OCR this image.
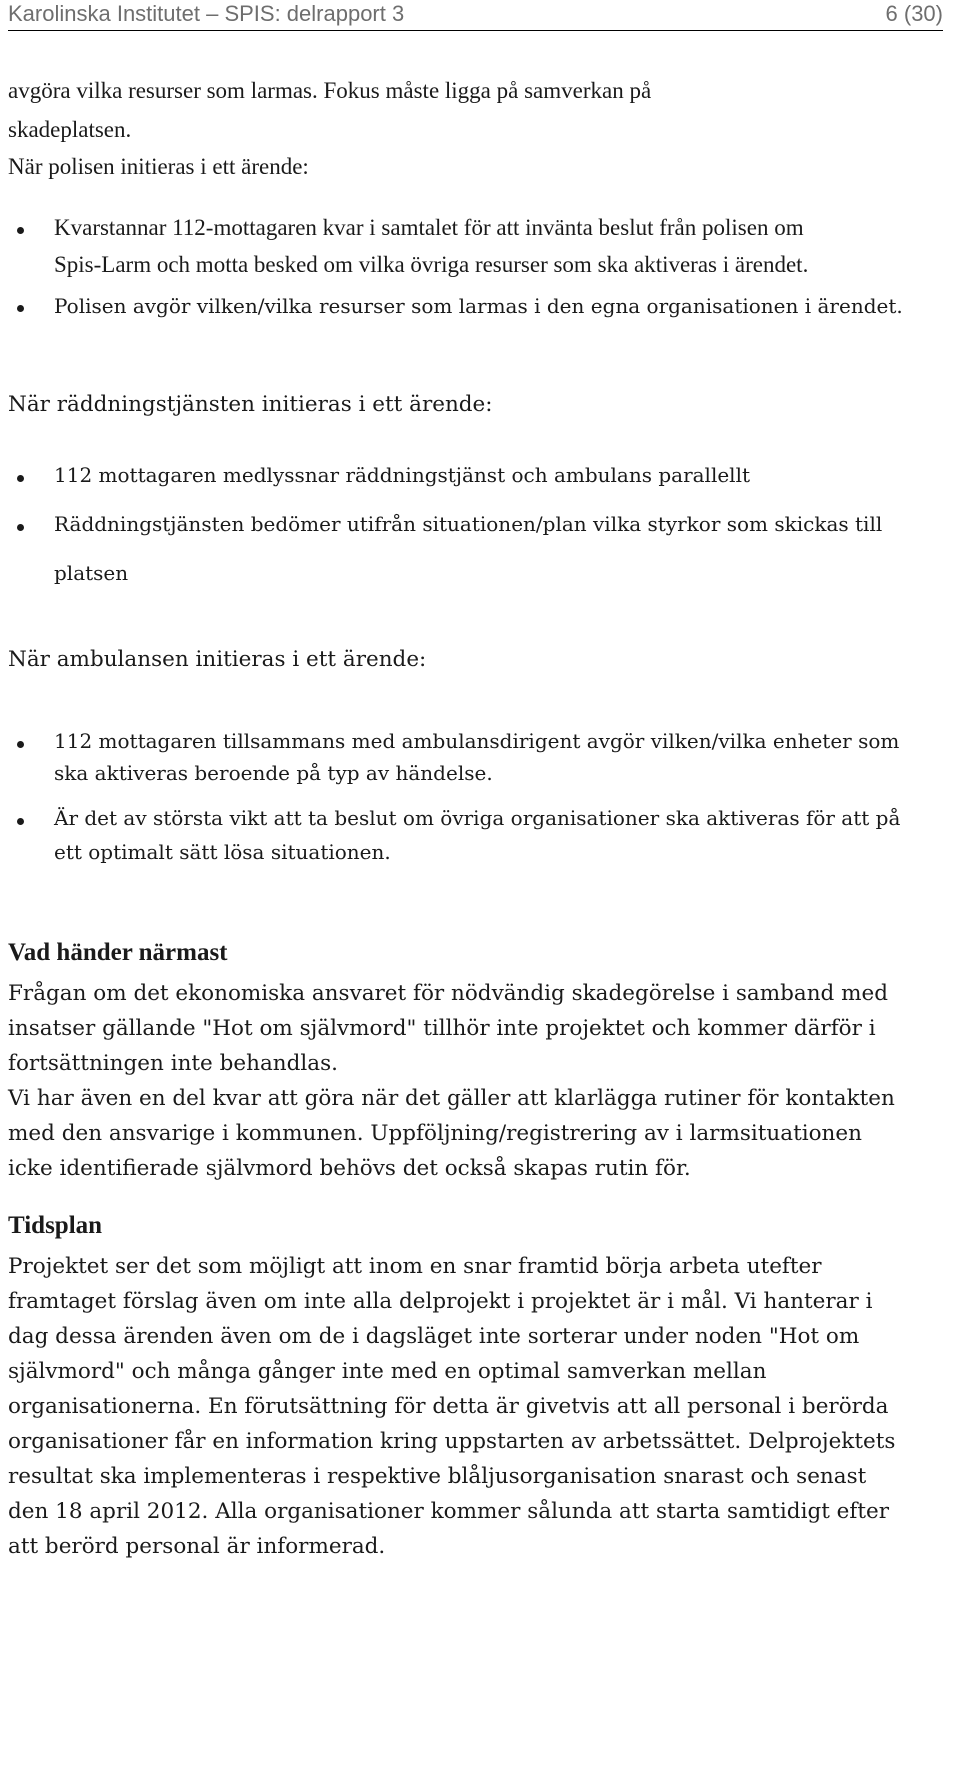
Karolinska Institutet – SPIS: delrapport 3	6 (30)

avgöra vilka resurser som larmas. Fokus måste ligga på samverkan på

skadeplatsen.

När polisen initieras i ett ärende:

Kvarstannar 112-mottagaren kvar i samtalet för att invänta beslut från polisen om

Spis-Larm och motta besked om vilka övriga resurser som ska aktiveras i ärendet.

Polisen avgör vilken/vilka resurser som larmas i den egna organisationen i ärendet.

När räddningstjänsten initieras i ett ärende:

112 mottagaren medlyssnar räddningstjänst och ambulans parallellt

Räddningstjänsten bedömer utifrån situationen/plan vilka styrkor som skickas till

platsen

När ambulansen initieras i ett ärende:

112 mottagaren tillsammans med ambulansdirigent avgör vilken/vilka enheter som

ska aktiveras beroende på typ av händelse.

Är det av största vikt att ta beslut om övriga organisationer ska aktiveras för att på

ett optimalt sätt lösa situationen.

Vad händer närmast

Frågan om det ekonomiska ansvaret för nödvändig skadegörelse i samband med

insatser gällande "Hot om självmord" tillhör inte projektet och kommer därför i

fortsättningen inte behandlas.

Vi har även en del kvar att göra när det gäller att klarlägga rutiner för kontakten

med den ansvarige i kommunen. Uppföljning/registrering av i larmsituationen

icke identifierade självmord behövs det också skapas rutin för.

Tidsplan

Projektet ser det som möjligt att inom en snar framtid börja arbeta utefter

framtaget förslag även om inte alla delprojekt i projektet är i mål. Vi hanterar i

dag dessa ärenden även om de i dagsläget inte sorterar under noden "Hot om

självmord" och många gånger inte med en optimal samverkan mellan

organisationerna. En förutsättning för detta är givetvis att all personal i berörda

organisationer får en information kring uppstarten av arbetssättet. Delprojektets

resultat ska implementeras i respektive blåljusorganisation snarast och senast

den 18 april 2012. Alla organisationer kommer sålunda att starta samtidigt efter

att berörd personal är informerad.
